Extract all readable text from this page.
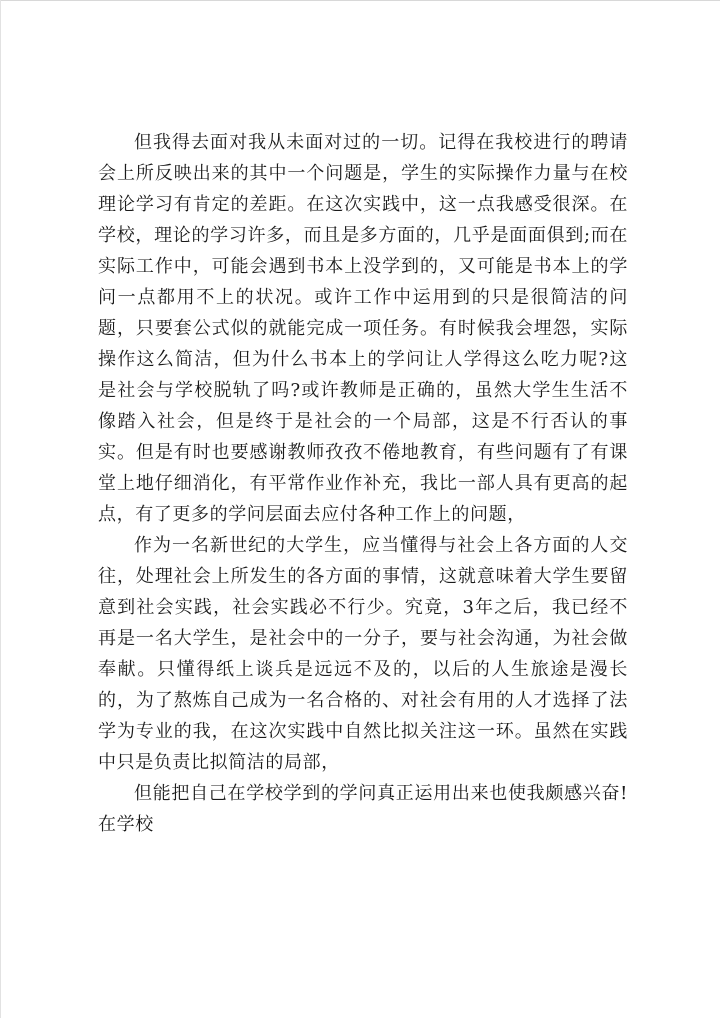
但我得去面对我从未面对过的一切。记得在我校进行的聘请会上所反映出来的其中一个问题是，学生的实际操作力量与在校理论学习有肯定的差距。在这次实践中，这一点我感受很深。在学校，理论的学习许多，而且是多方面的，几乎是面面俱到;而在实际工作中，可能会遇到书本上没学到的，又可能是书本上的学问一点都用不上的状况。或许工作中运用到的只是很简洁的问题，只要套公式似的就能完成一项任务。有时候我会埋怨，实际操作这么简洁，但为什么书本上的学问让人学得这么吃力呢?这是社会与学校脱轨了吗?或许教师是正确的，虽然大学生生活不像踏入社会，但是终于是社会的一个局部，这是不行否认的事实。但是有时也要感谢教师孜孜不倦地教育，有些问题有了有课堂上地仔细消化，有平常作业作补充，我比一部人具有更高的起点，有了更多的学问层面去应付各种工作上的问题，

作为一名新世纪的大学生，应当懂得与社会上各方面的人交往，处理社会上所发生的各方面的事情，这就意味着大学生要留意到社会实践，社会实践必不行少。究竟，3年之后，我已经不再是一名大学生，是社会中的一分子，要与社会沟通，为社会做奉献。只懂得纸上谈兵是远远不及的，以后的人生旅途是漫长的，为了熬炼自己成为一名合格的、对社会有用的人才选择了法学为专业的我，在这次实践中自然比拟关注这一环。虽然在实践中只是负责比拟简洁的局部，

但能把自己在学校学到的学问真正运用出来也使我颇感兴奋!在学校
